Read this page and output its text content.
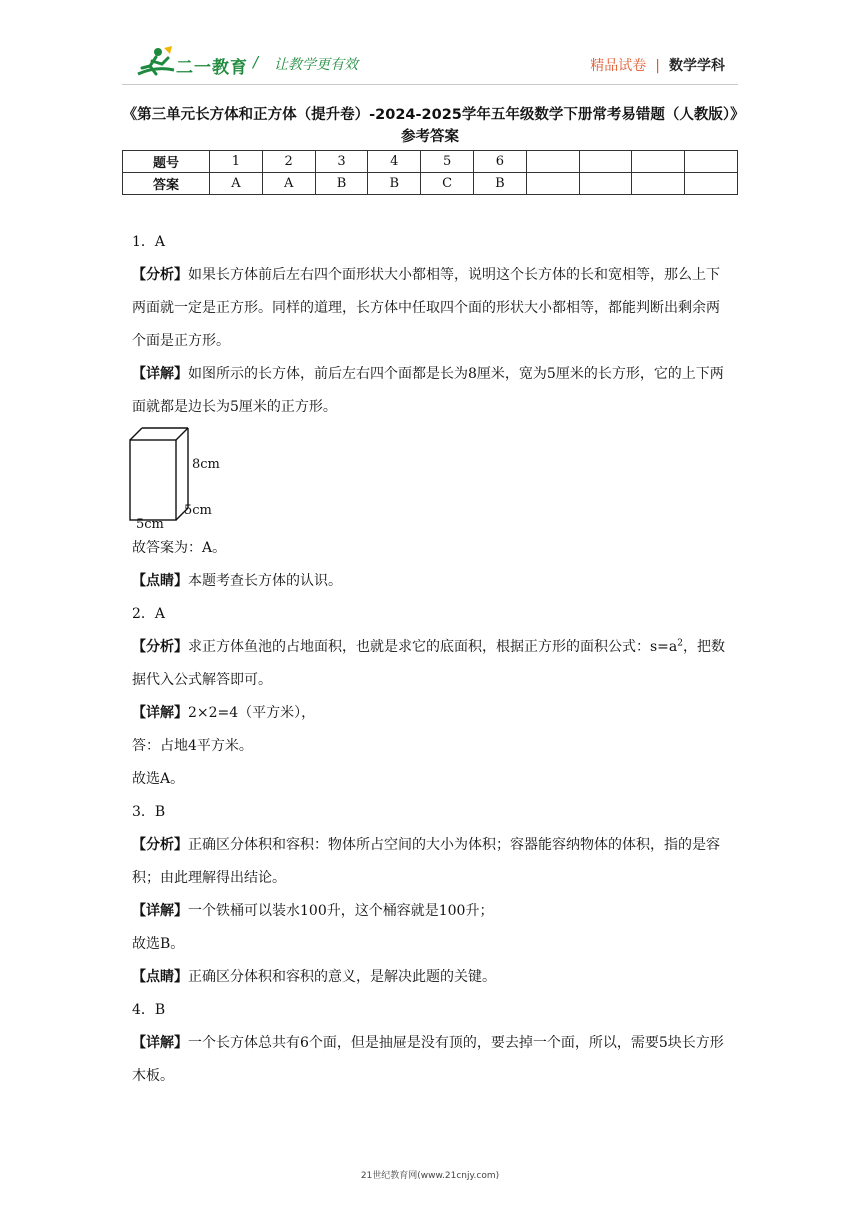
二一教育 / 让教学更有效	精品试卷 | 数学学科
《第三单元长方体和正方体（提升卷）-2024-2025学年五年级数学下册常考易错题（人教版）》参考答案
题号	1	2	3	4	5	6				
答案	A	A	B	B	C	B				

1．A

【分析】如果长方体前后左右四个面形状大小都相等，说明这个长方体的长和宽相等，那么上下两面就一定是正方形。同样的道理，长方体中任取四个面的形状大小都相等，都能判断出剩余两个面是正方形。

【详解】如图所示的长方体，前后左右四个面都是长为8厘米，宽为5厘米的长方形，它的上下两面就都是边长为5厘米的正方形。

8cm
5cm
5cm

故答案为：A。

【点睛】本题考查长方体的认识。

2．A

【分析】求正方体鱼池的占地面积，也就是求它的底面积，根据正方形的面积公式：$s=a^2$，把数据代入公式解答即可。

【详解】2×2=4（平方米），

答：占地4平方米。

故选A。

3．B

【分析】正确区分体积和容积：物体所占空间的大小为体积；容器能容纳物体的体积，指的是容积；由此理解得出结论。

【详解】一个铁桶可以装水100升，这个桶容就是100升；

故选B。

【点睛】正确区分体积和容积的意义，是解决此题的关键。

4．B

【详解】一个长方体总共有6个面，但是抽屉是没有顶的，要去掉一个面，所以，需要5块长方形木板。

21世纪教育网(www.21cnjy.com)
